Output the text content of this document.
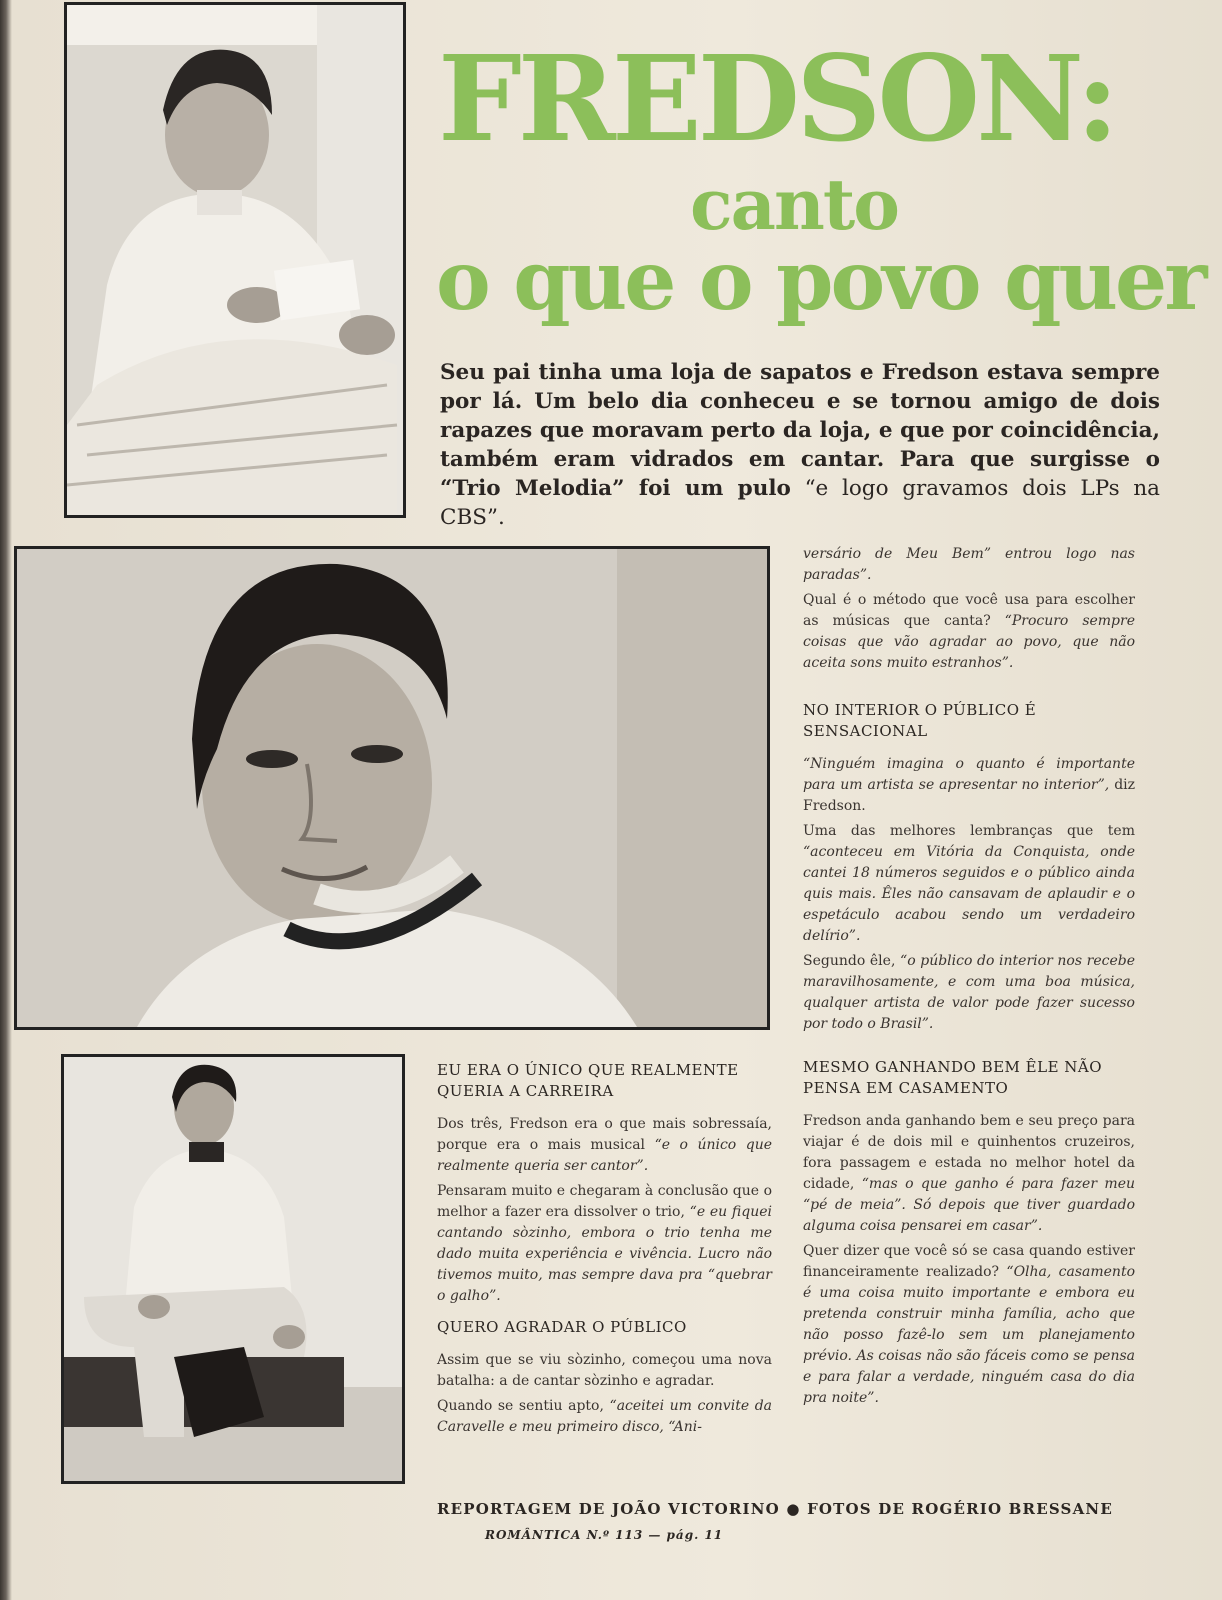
FREDSON:
canto
o que o povo quer
Seu pai tinha uma loja de sapatos e Fredson estava sempre por lá. Um belo dia conheceu e se tornou amigo de dois rapazes que moravam perto da loja, e que por coincidência, também eram vidrados em cantar. Para que surgisse o “Trio Melodia” foi um pulo “e logo gravamos dois LPs na CBS”.
EU ERA O ÚNICO QUE REALMENTE QUERIA A CARREIRA

Dos três, Fredson era o que mais sobressaía, porque era o mais musical “e o único que realmente queria ser cantor”.

Pensaram muito e chegaram à conclusão que o melhor a fazer era dissolver o trio, “e eu fiquei cantando sòzinho, embora o trio tenha me dado muita experiência e vivência. Lucro não tivemos muito, mas sempre dava pra “quebrar o galho”.

QUERO AGRADAR O PÚBLICO

Assim que se viu sòzinho, começou uma nova batalha: a de cantar sòzinho e agradar.

Quando se sentiu apto, “aceitei um convite da Caravelle e meu primeiro disco, “Ani-

versário de Meu Bem” entrou logo nas paradas”.

Qual é o método que você usa para escolher as músicas que canta? “Procuro sempre coisas que vão agradar ao povo, que não aceita sons muito estranhos”.

NO INTERIOR O PÚBLICO É SENSACIONAL

“Ninguém imagina o quanto é importante para um artista se apresentar no interior”, diz Fredson.

Uma das melhores lembranças que tem “aconteceu em Vitória da Conquista, onde cantei 18 números seguidos e o público ainda quis mais. Êles não cansavam de aplaudir e o espetáculo acabou sendo um verdadeiro delírio”.

Segundo êle, “o público do interior nos recebe maravilhosamente, e com uma boa música, qualquer artista de valor pode fazer sucesso por todo o Brasil”.

MESMO GANHANDO BEM ÊLE NÃO PENSA EM CASAMENTO

Fredson anda ganhando bem e seu preço para viajar é de dois mil e quinhentos cruzeiros, fora passagem e estada no melhor hotel da cidade, “mas o que ganho é para fazer meu “pé de meia”. Só depois que tiver guardado alguma coisa pensarei em casar”.

Quer dizer que você só se casa quando estiver financeiramente realizado? “Olha, casamento é uma coisa muito importante e embora eu pretenda construir minha família, acho que não posso fazê-lo sem um planejamento prévio. As coisas não são fáceis como se pensa e para falar a verdade, ninguém casa do dia pra noite”.

REPORTAGEM DE JOÃO VICTORINO ● FOTOS DE ROGÉRIO BRESSANE
ROMÂNTICA N.º 113 — pág. 11
